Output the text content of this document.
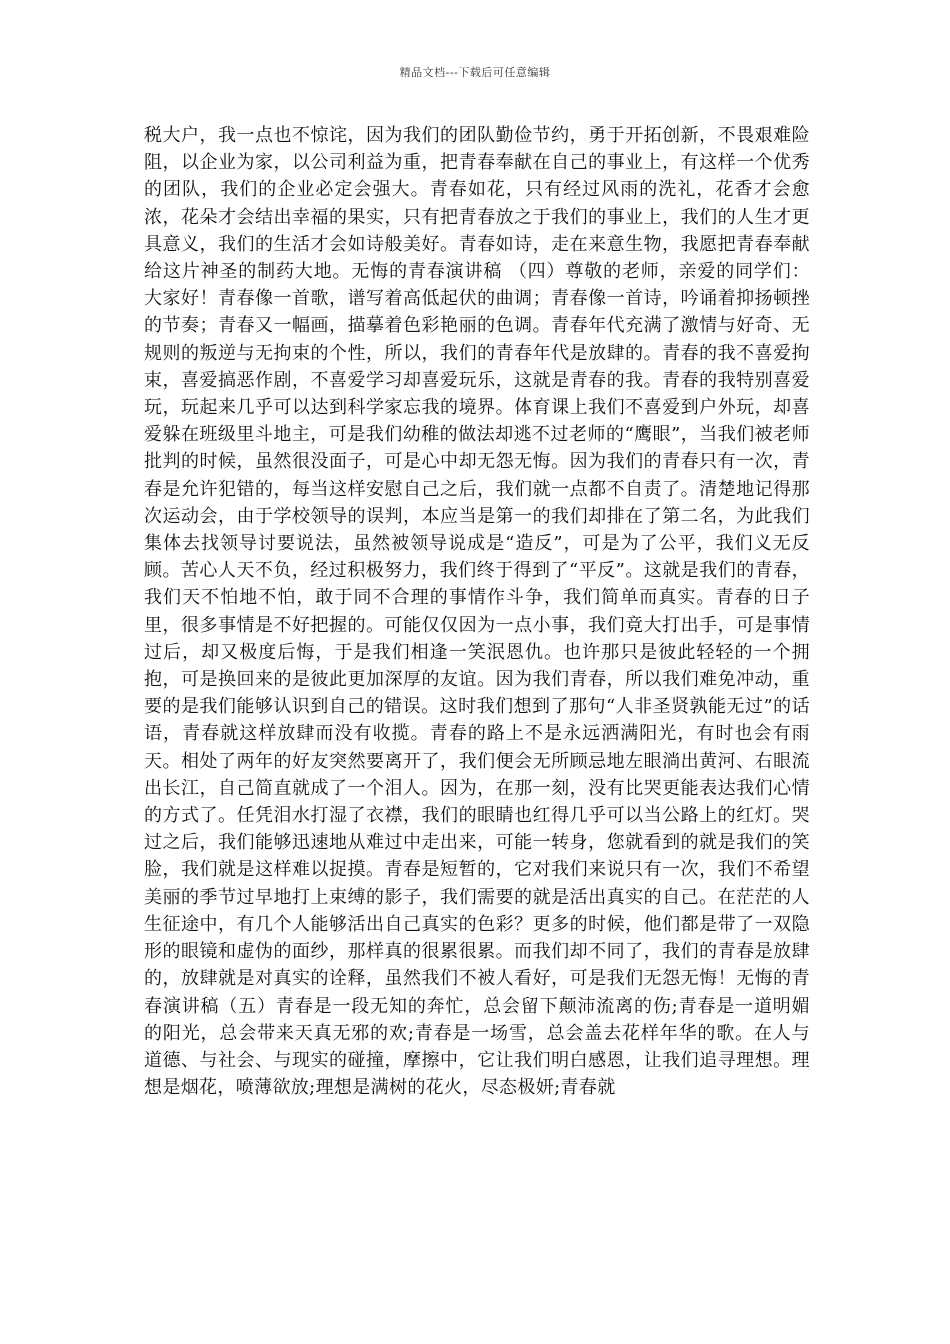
精品文档---下载后可任意编辑

税大户，我一点也不惊诧，因为我们的团队勤俭节约，勇于开拓创新，不畏艰难险阻，以企业为家，以公司利益为重，把青春奉献在自己的事业上，有这样一个优秀的团队，我们的企业必定会强大。青春如花，只有经过风雨的洗礼，花香才会愈浓，花朵才会结出幸福的果实，只有把青春放之于我们的事业上，我们的人生才更具意义，我们的生活才会如诗般美好。青春如诗，走在来意生物，我愿把青春奉献给这片神圣的制药大地。无悔的青春演讲稿 （四）尊敬的老师，亲爱的同学们：大家好！青春像一首歌，谱写着高低起伏的曲调；青春像一首诗，吟诵着抑扬顿挫的节奏；青春又一幅画，描摹着色彩艳丽的色调。青春年代充满了激情与好奇、无规则的叛逆与无拘束的个性，所以，我们的青春年代是放肆的。青春的我不喜爱拘束，喜爱搞恶作剧，不喜爱学习却喜爱玩乐，这就是青春的我。青春的我特别喜爱玩，玩起来几乎可以达到科学家忘我的境界。体育课上我们不喜爱到户外玩，却喜爱躲在班级里斗地主，可是我们幼稚的做法却逃不过老师的“鹰眼”，当我们被老师批判的时候，虽然很没面子，可是心中却无怨无悔。因为我们的青春只有一次，青春是允许犯错的，每当这样安慰自己之后，我们就一点都不自责了。清楚地记得那次运动会，由于学校领导的误判，本应当是第一的我们却排在了第二名，为此我们集体去找领导讨要说法，虽然被领导说成是“造反”，可是为了公平，我们义无反顾。苦心人天不负，经过积极努力，我们终于得到了“平反”。这就是我们的青春，我们天不怕地不怕，敢于同不合理的事情作斗争，我们简单而真实。青春的日子里，很多事情是不好把握的。可能仅仅因为一点小事，我们竟大打出手，可是事情过后，却又极度后悔，于是我们相逢一笑泯恩仇。也许那只是彼此轻轻的一个拥抱，可是换回来的是彼此更加深厚的友谊。因为我们青春，所以我们难免冲动，重要的是我们能够认识到自己的错误。这时我们想到了那句“人非圣贤孰能无过”的话语，青春就这样放肆而没有收揽。青春的路上不是永远洒满阳光，有时也会有雨天。相处了两年的好友突然要离开了，我们便会无所顾忌地左眼淌出黄河、右眼流出长江，自己简直就成了一个泪人。因为，在那一刻，没有比哭更能表达我们心情的方式了。任凭泪水打湿了衣襟，我们的眼睛也红得几乎可以当公路上的红灯。哭过之后，我们能够迅速地从难过中走出来，可能一转身，您就看到的就是我们的笑脸，我们就是这样难以捉摸。青春是短暂的，它对我们来说只有一次，我们不希望美丽的季节过早地打上束缚的影子，我们需要的就是活出真实的自己。在茫茫的人生征途中，有几个人能够活出自己真实的色彩？更多的时候，他们都是带了一双隐形的眼镜和虚伪的面纱，那样真的很累很累。而我们却不同了，我们的青春是放肆的，放肆就是对真实的诠释，虽然我们不被人看好，可是我们无怨无悔！无悔的青春演讲稿（五）青春是一段无知的奔忙，总会留下颠沛流离的伤;青春是一道明媚的阳光，总会带来天真无邪的欢;青春是一场雪，总会盖去花样年华的歌。在人与道德、与社会、与现实的碰撞，摩擦中，它让我们明白感恩，让我们追寻理想。理想是烟花，喷薄欲放;理想是满树的花火，尽态极妍;青春就
